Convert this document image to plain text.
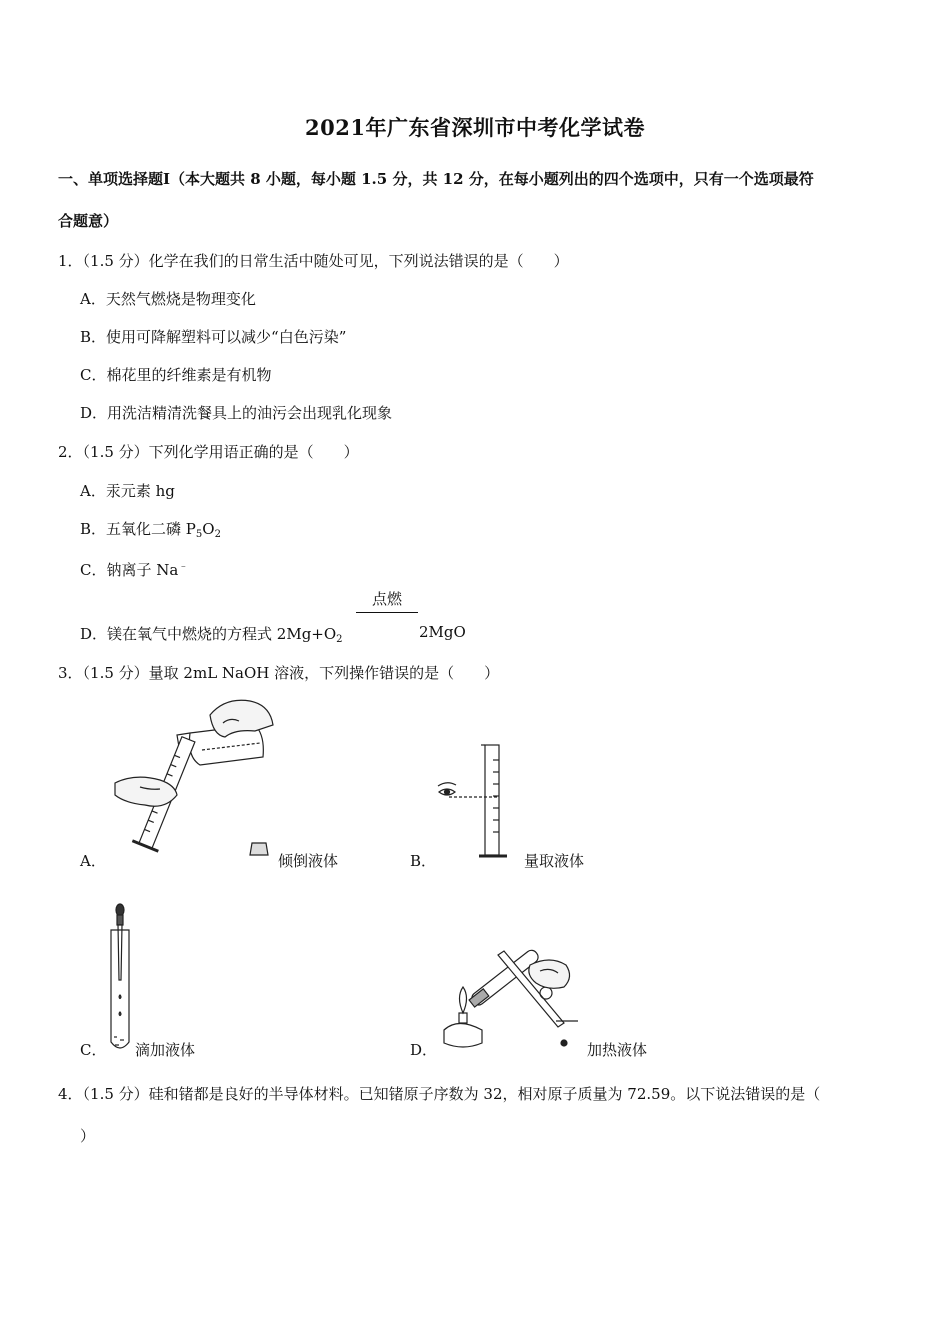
2021年广东省深圳市中考化学试卷
一、单项选择题Ⅰ（本大题共 8 小题，每小题 1.5 分，共 12 分，在每小题列出的四个选项中，只有一个选项最符
合题意）
1．（1.5 分）化学在我们的日常生活中随处可见，下列说法错误的是（　　）
A．天然气燃烧是物理变化
B．使用可降解塑料可以减少“白色污染”
C．棉花里的纤维素是有机物
D．用洗洁精清洗餐具上的油污会出现乳化现象
2．（1.5 分）下列化学用语正确的是（　　）
A．汞元素 hg
B．五氧化二磷 $P_5O_2$
C．钠离子 Na﹣
点燃
D．镁在氧气中燃烧的方程式 $2Mg+O_2$	2MgO
3．（1.5 分）量取 2mL NaOH 溶液，下列操作错误的是（　　）
A．	倾倒液体	B．	量取液体
C． 滴加液体	D．	加热液体
4．（1.5 分）硅和锗都是良好的半导体材料。已知锗原子序数为 32，相对原子质量为 72.59。以下说法错误的是（
）
